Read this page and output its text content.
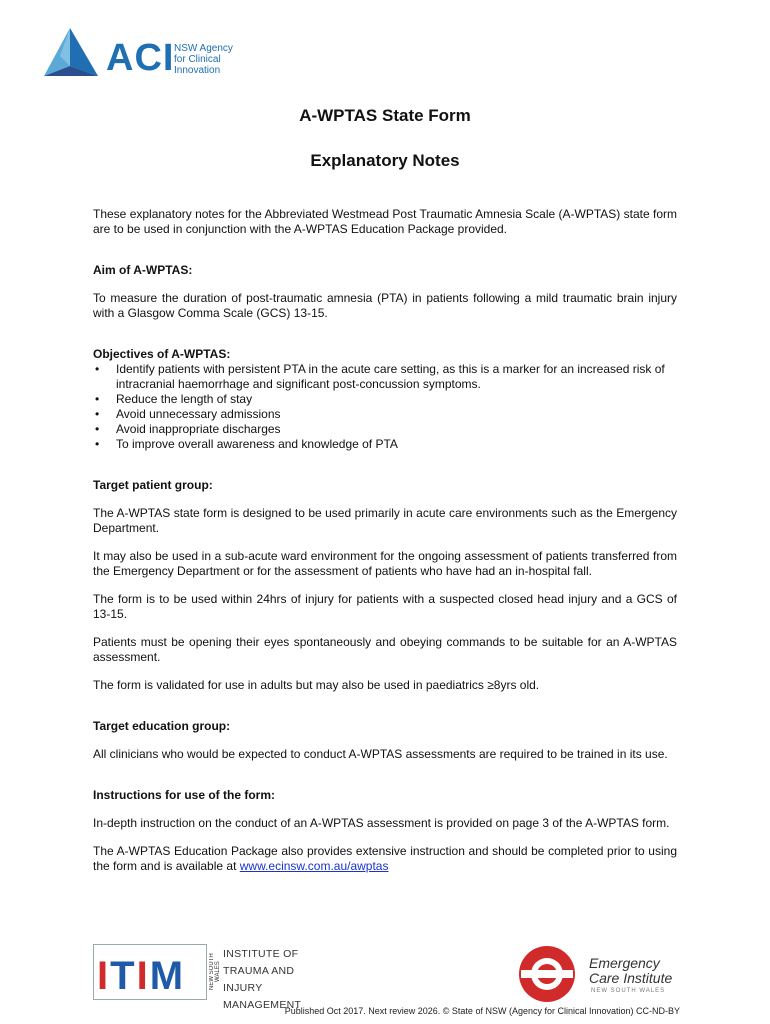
ACI NSW Agency
for Clinical
Innovation
A-WPTAS State Form
Explanatory Notes

These explanatory notes for the Abbreviated Westmead Post Traumatic Amnesia Scale (A-WPTAS) state form are to be used in conjunction with the A-WPTAS Education Package provided.

Aim of A-WPTAS:

To measure the duration of post-traumatic amnesia (PTA) in patients following a mild traumatic brain injury with a Glasgow Comma Scale (GCS) 13-15.

Objectives of A-WPTAS:
• Identify patients with persistent PTA in the acute care setting, as this is a marker for an increased risk of intracranial haemorrhage and significant post-concussion symptoms.
• Reduce the length of stay
• Avoid unnecessary admissions
• Avoid inappropriate discharges
• To improve overall awareness and knowledge of PTA
Target patient group:

The A-WPTAS state form is designed to be used primarily in acute care environments such as the Emergency Department.

It may also be used in a sub-acute ward environment for the ongoing assessment of patients transferred from the Emergency Department or for the assessment of patients who have had an in-hospital fall.

The form is to be used within 24hrs of injury for patients with a suspected closed head injury and a GCS of 13-15.

Patients must be opening their eyes spontaneously and obeying commands to be suitable for an A-WPTAS assessment.

The form is validated for use in adults but may also be used in paediatrics ≥8yrs old.

Target education group:

All clinicians who would be expected to conduct A-WPTAS assessments are required to be trained in its use.

Instructions for use of the form:

In-depth instruction on the conduct of an A-WPTAS assessment is provided on page 3 of the A-WPTAS form.

The A-WPTAS Education Package also provides extensive instruction and should be completed prior to using the form and is available at www.ecinsw.com.au/awptas

ITIM	NEW SOUTH WALES
INSTITUTE OF
TRAUMA AND INJURY
MANAGEMENT
Emergency
Care Institute
NEW SOUTH WALES
Published Oct 2017. Next review 2026. © State of NSW (Agency for Clinical Innovation) CC-ND-BY
